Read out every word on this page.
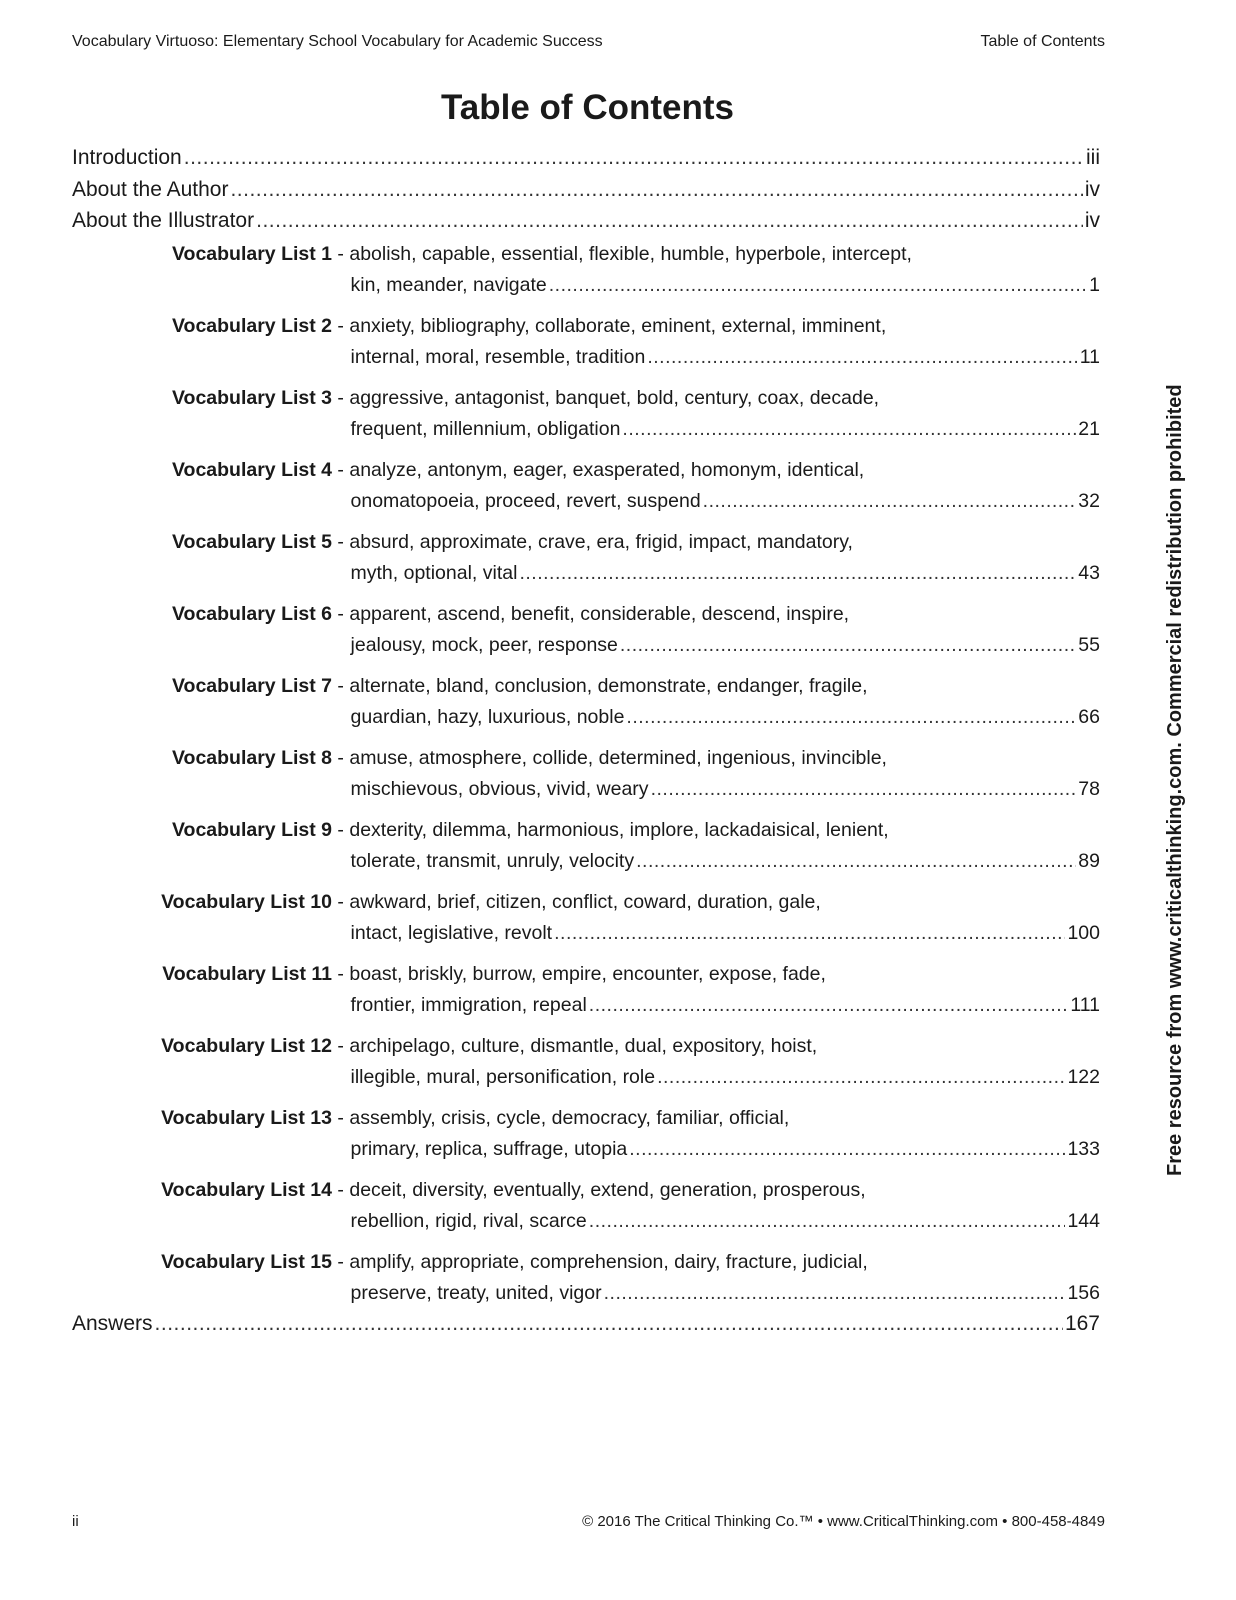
Vocabulary Virtuoso: Elementary School Vocabulary for Academic Success	Table of Contents
Table of Contents
Introduction .....	iii
About the Author .....	iv
About the Illustrator .....	iv
Vocabulary List 1 - abolish, capable, essential, flexible, humble, hyperbole, intercept,
kin, meander, navigate .....	1
Vocabulary List 2 - anxiety, bibliography, collaborate, eminent, external, imminent,
internal, moral, resemble, tradition .....	11
Vocabulary List 3 - aggressive, antagonist, banquet, bold, century, coax, decade,
frequent, millennium, obligation .....	21
Vocabulary List 4 - analyze, antonym, eager, exasperated, homonym, identical,
onomatopoeia, proceed, revert, suspend .....	32
Vocabulary List 5 - absurd, approximate, crave, era, frigid, impact, mandatory,
myth, optional, vital .....	43
Vocabulary List 6 - apparent, ascend, benefit, considerable, descend, inspire,
jealousy, mock, peer, response .....	55
Vocabulary List 7 - alternate, bland, conclusion, demonstrate, endanger, fragile,
guardian, hazy, luxurious, noble .....	66
Vocabulary List 8 - amuse, atmosphere, collide, determined, ingenious, invincible,
mischievous, obvious, vivid, weary .....	78
Vocabulary List 9 - dexterity, dilemma, harmonious, implore, lackadaisical, lenient,
tolerate, transmit, unruly, velocity .....	89
Vocabulary List 10 - awkward, brief, citizen, conflict, coward, duration, gale,
intact, legislative, revolt .....	100
Vocabulary List 11 - boast, briskly, burrow, empire, encounter, expose, fade,
frontier, immigration, repeal .....	111
Vocabulary List 12 - archipelago, culture, dismantle, dual, expository, hoist,
illegible, mural, personification, role .....	122
Vocabulary List 13 - assembly, crisis, cycle, democracy, familiar, official,
primary, replica, suffrage, utopia .....	133
Vocabulary List 14 - deceit, diversity, eventually, extend, generation, prosperous,
rebellion, rigid, rival, scarce .....	144
Vocabulary List 15 - amplify, appropriate, comprehension, dairy, fracture, judicial,
preserve, treaty, united, vigor .....	156
Answers .....	167
Free resource from www.criticalthinking.com. Commercial redistribution prohibited
ii	© 2016 The Critical Thinking Co.™ • www.CriticalThinking.com • 800-458-4849
